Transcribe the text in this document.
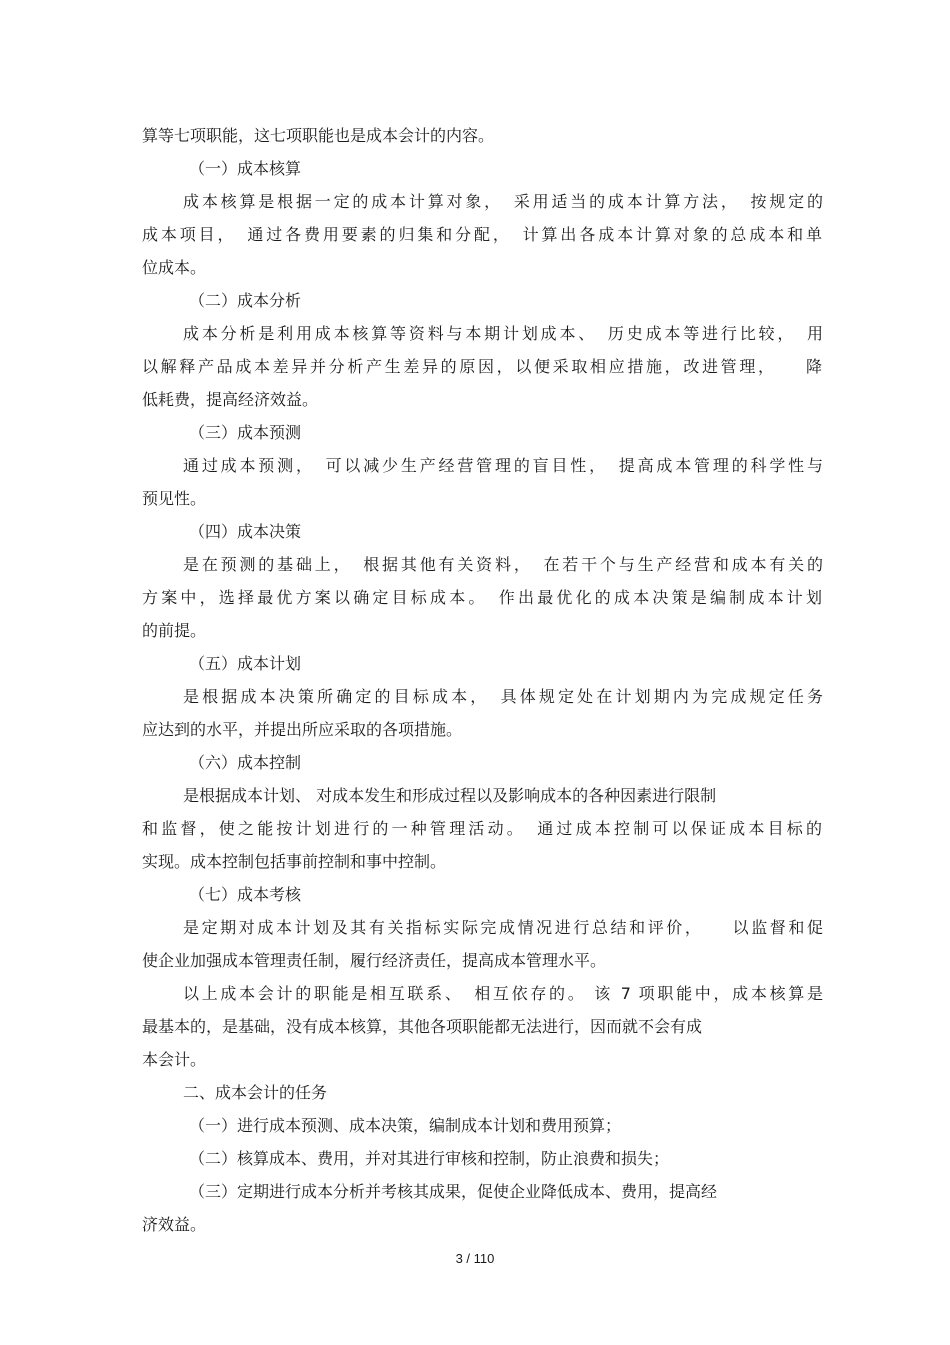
算等七项职能，这七项职能也是成本会计的内容。
（一）成本核算
成本核算是根据一定的成本计算对象，　采用适当的成本计算方法，　按规定的
成本项目，　通过各费用要素的归集和分配，　计算出各成本计算对象的总成本和单
位成本。
（二）成本分析
成本分析是利用成本核算等资料与本期计划成本、　历史成本等进行比较，　用
以解释产品成本差异并分析产生差异的原因，以便采取相应措施，改进管理，　　降
低耗费，提高经济效益。
（三）成本预测
通过成本预测，　可以减少生产经营管理的盲目性，　提高成本管理的科学性与
预见性。
（四）成本决策
是在预测的基础上，　根据其他有关资料，　在若干个与生产经营和成本有关的
方案中，选择最优方案以确定目标成本。　作出最优化的成本决策是编制成本计划
的前提。
（五）成本计划
是根据成本决策所确定的目标成本，　具体规定处在计划期内为完成规定任务
应达到的水平，并提出所应采取的各项措施。
（六）成本控制
是根据成本计划、 对成本发生和形成过程以及影响成本的各种因素进行限制
和监督，使之能按计划进行的一种管理活动。　通过成本控制可以保证成本目标的
实现。成本控制包括事前控制和事中控制。
（七）成本考核
是定期对成本计划及其有关指标实际完成情况进行总结和评价，　　以监督和促
使企业加强成本管理责任制，履行经济责任，提高成本管理水平。
以上成本会计的职能是相互联系、　相互依存的。 该 7 项职能中，成本核算是
最基本的，是基础，没有成本核算，其他各项职能都无法进行，因而就不会有成
本会计。
二、成本会计的任务
（一）进行成本预测、成本决策，编制成本计划和费用预算；
（二）核算成本、费用，并对其进行审核和控制，防止浪费和损失；
（三）定期进行成本分析并考核其成果，促使企业降低成本、费用，提高经
济效益。
3 / 110
